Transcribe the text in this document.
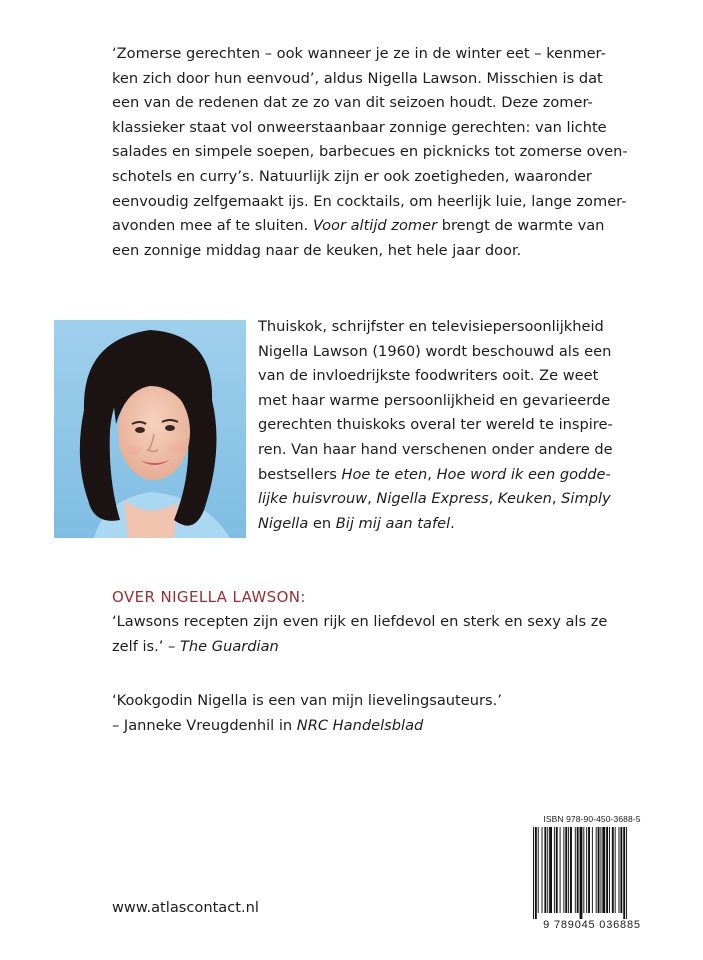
‘Zomerse gerechten – ook wanneer je ze in de winter eet – kenmer-
ken zich door hun eenvoud’, aldus Nigella Lawson. Misschien is dat
een van de redenen dat ze zo van dit seizoen houdt. Deze zomer-
klassieker staat vol onweerstaanbaar zonnige gerechten: van lichte
salades en simpele soepen, barbecues en picknicks tot zomerse oven-
schotels en curry’s. Natuurlijk zijn er ook zoetigheden, waaronder
eenvoudig zelfgemaakt ijs. En cocktails, om heerlijk luie, lange zomer-
avonden mee af te sluiten. Voor altijd zomer brengt de warmte van
een zonnige middag naar de keuken, het hele jaar door.
Thuiskok, schrijfster en televisiepersoonlijkheid
Nigella Lawson (1960) wordt beschouwd als een
van de invloedrijkste foodwriters ooit. Ze weet
met haar warme persoonlijkheid en gevarieerde
gerechten thuiskoks overal ter wereld te inspire-
ren. Van haar hand verschenen onder andere de
bestsellers Hoe te eten, Hoe word ik een godde-
lijke huisvrouw, Nigella Express, Keuken, Simply
Nigella en Bij mij aan tafel.
OVER NIGELLA LAWSON:
‘Lawsons recepten zijn even rijk en liefdevol en sterk en sexy als ze
zelf is.’ – The Guardian
‘Kookgodin Nigella is een van mijn lievelingsauteurs.’
– Janneke Vreugdenhil in NRC Handelsblad
www.atlascontact.nl
ISBN 978-90-450-3688-5
9 789045 036885
